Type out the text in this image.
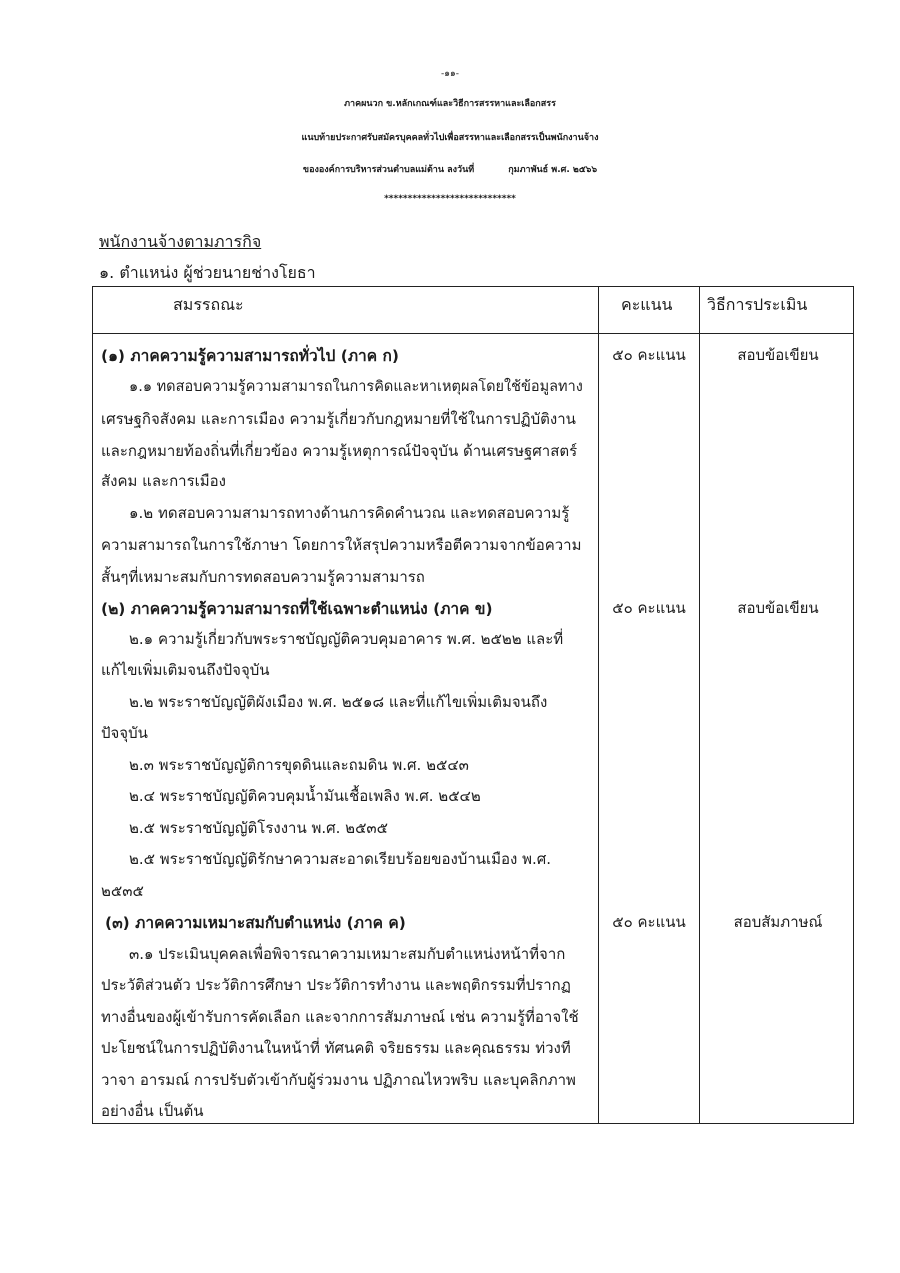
-๑๑-
ภาคผนวก ข.หลักเกณฑ์และวิธีการสรรหาและเลือกสรร
แนบท้ายประกาศรับสมัครบุคคลทั่วไปเพื่อสรรหาและเลือกสรรเป็นพนักงานจ้าง
ขององค์การบริหารส่วนตำบลแม่ต้าน ลงวันที่	กุมภาพันธ์ พ.ศ. ๒๕๖๖
****************************
พนักงานจ้างตามภารกิจ
๑. ตำแหน่ง ผู้ช่วยนายช่างโยธา
สมรรถณะ	คะแนน วิธีการประเมิน
(๑) ภาคความรู้ความสามารถทั่วไป (ภาค ก)
๑.๑ ทดสอบความรู้ความสามารถในการคิดและหาเหตุผลโดยใช้ข้อมูลทาง
เศรษฐกิจสังคม และการเมือง ความรู้เกี่ยวกับกฎหมายที่ใช้ในการปฏิบัติงาน
และกฎหมายท้องถิ่นที่เกี่ยวข้อง ความรู้เหตุการณ์ปัจจุบัน ด้านเศรษฐศาสตร์
สังคม และการเมือง
๑.๒ ทดสอบความสามารถทางด้านการคิดคำนวณ และทดสอบความรู้
ความสามารถในการใช้ภาษา โดยการให้สรุปความหรือตีความจากข้อความ
สั้นๆที่เหมาะสมกับการทดสอบความรู้ความสามารถ
๕๐ คะแนน	สอบข้อเขียน
(๒) ภาคความรู้ความสามารถที่ใช้เฉพาะตำแหน่ง (ภาค ข)
๒.๑ ความรู้เกี่ยวกับพระราชบัญญัติควบคุมอาคาร พ.ศ. ๒๕๒๒ และที่
แก้ไขเพิ่มเติมจนถึงปัจจุบัน
๒.๒ พระราชบัญญัติผังเมือง พ.ศ. ๒๕๑๘ และที่แก้ไขเพิ่มเติมจนถึง
ปัจจุบัน
๒.๓ พระราชบัญญัติการขุดดินและถมดิน พ.ศ. ๒๕๔๓
๒.๔ พระราชบัญญัติควบคุมน้ำมันเชื้อเพลิง พ.ศ. ๒๕๔๒
๒.๕ พระราชบัญญัติโรงงาน พ.ศ. ๒๕๓๕
๒.๕ พระราชบัญญัติรักษาความสะอาดเรียบร้อยของบ้านเมือง พ.ศ.
๒๕๓๕
๕๐ คะแนน	สอบข้อเขียน
(๓) ภาคความเหมาะสมกับตำแหน่ง (ภาค ค)
๓.๑ ประเมินบุคคลเพื่อพิจารณาความเหมาะสมกับตำแหน่งหน้าที่จาก
ประวัติส่วนตัว ประวัติการศึกษา ประวัติการทำงาน และพฤติกรรมที่ปรากฏ
ทางอื่นของผู้เข้ารับการคัดเลือก และจากการสัมภาษณ์ เช่น ความรู้ที่อาจใช้
ปะโยชน์ในการปฏิบัติงานในหน้าที่ ทัศนคติ จริยธรรม และคุณธรรม ท่วงที
วาจา อารมณ์ การปรับตัวเข้ากับผู้ร่วมงาน ปฏิภาณไหวพริบ และบุคลิกภาพ
อย่างอื่น เป็นต้น
๕๐ คะแนน	สอบสัมภาษณ์
